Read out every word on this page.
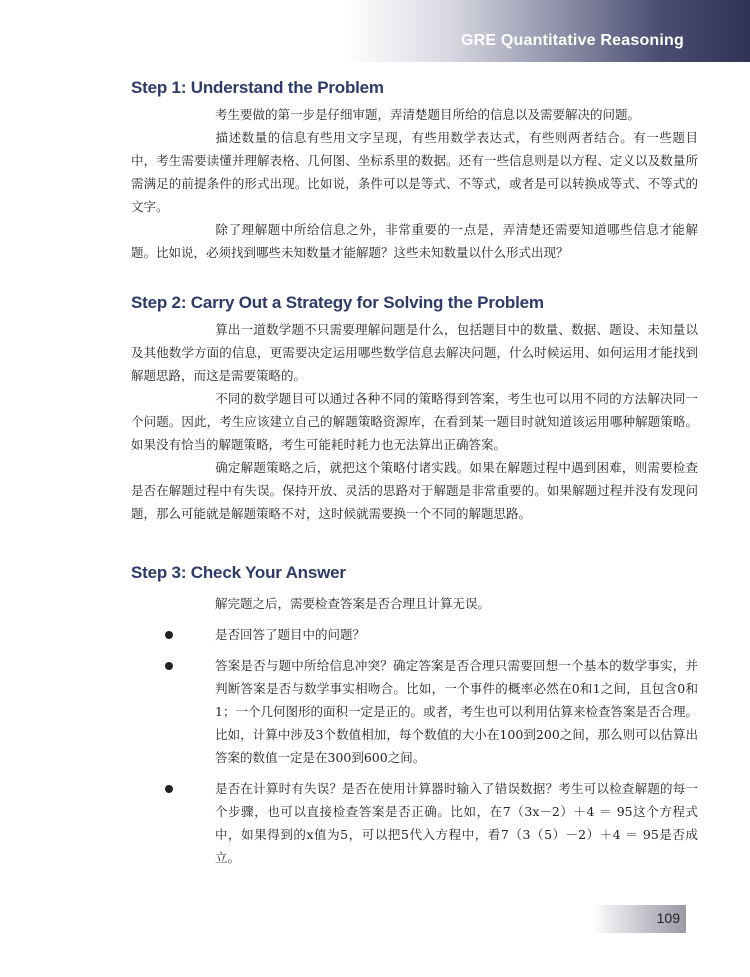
GRE Quantitative Reasoning
Step 1: Understand the Problem

考生要做的第一步是仔细审题，弄清楚题目所给的信息以及需要解决的问题。

描述数量的信息有些用文字呈现，有些用数学表达式，有些则两者结合。有一些题目中，考生需要读懂并理解表格、几何图、坐标系里的数据。还有一些信息则是以方程、定义以及数量所需满足的前提条件的形式出现。比如说，条件可以是等式、不等式，或者是可以转换成等式、不等式的文字。

除了理解题中所给信息之外，非常重要的一点是，弄清楚还需要知道哪些信息才能解题。比如说，必须找到哪些未知数量才能解题？这些未知数量以什么形式出现？

Step 2: Carry Out a Strategy for Solving the Problem

算出一道数学题不只需要理解问题是什么，包括题目中的数量、数据、题设、未知量以及其他数学方面的信息，更需要决定运用哪些数学信息去解决问题，什么时候运用、如何运用才能找到解题思路，而这是需要策略的。

不同的数学题目可以通过各种不同的策略得到答案，考生也可以用不同的方法解决同一个问题。因此，考生应该建立自己的解题策略资源库，在看到某一题目时就知道该运用哪种解题策略。如果没有恰当的解题策略，考生可能耗时耗力也无法算出正确答案。

确定解题策略之后，就把这个策略付诸实践。如果在解题过程中遇到困难，则需要检查是否在解题过程中有失误。保持开放、灵活的思路对于解题是非常重要的。如果解题过程并没有发现问题，那么可能就是解题策略不对，这时候就需要换一个不同的解题思路。

Step 3: Check Your Answer

解完题之后，需要检查答案是否合理且计算无误。

是否回答了题目中的问题？

答案是否与题中所给信息冲突？确定答案是否合理只需要回想一个基本的数学事实，并判断答案是否与数学事实相吻合。比如，一个事件的概率必然在0和1之间，且包含0和1；一个几何图形的面积一定是正的。或者，考生也可以利用估算来检查答案是否合理。比如，计算中涉及3个数值相加，每个数值的大小在100到200之间，那么则可以估算出答案的数值一定是在300到600之间。

是否在计算时有失误？是否在使用计算器时输入了错误数据？考生可以检查解题的每一个步骤，也可以直接检查答案是否正确。比如，在7（3x－2）＋4 ＝ 95这个方程式中，如果得到的x值为5，可以把5代入方程中，看7（3（5）－2）＋4 ＝ 95是否成立。

109
